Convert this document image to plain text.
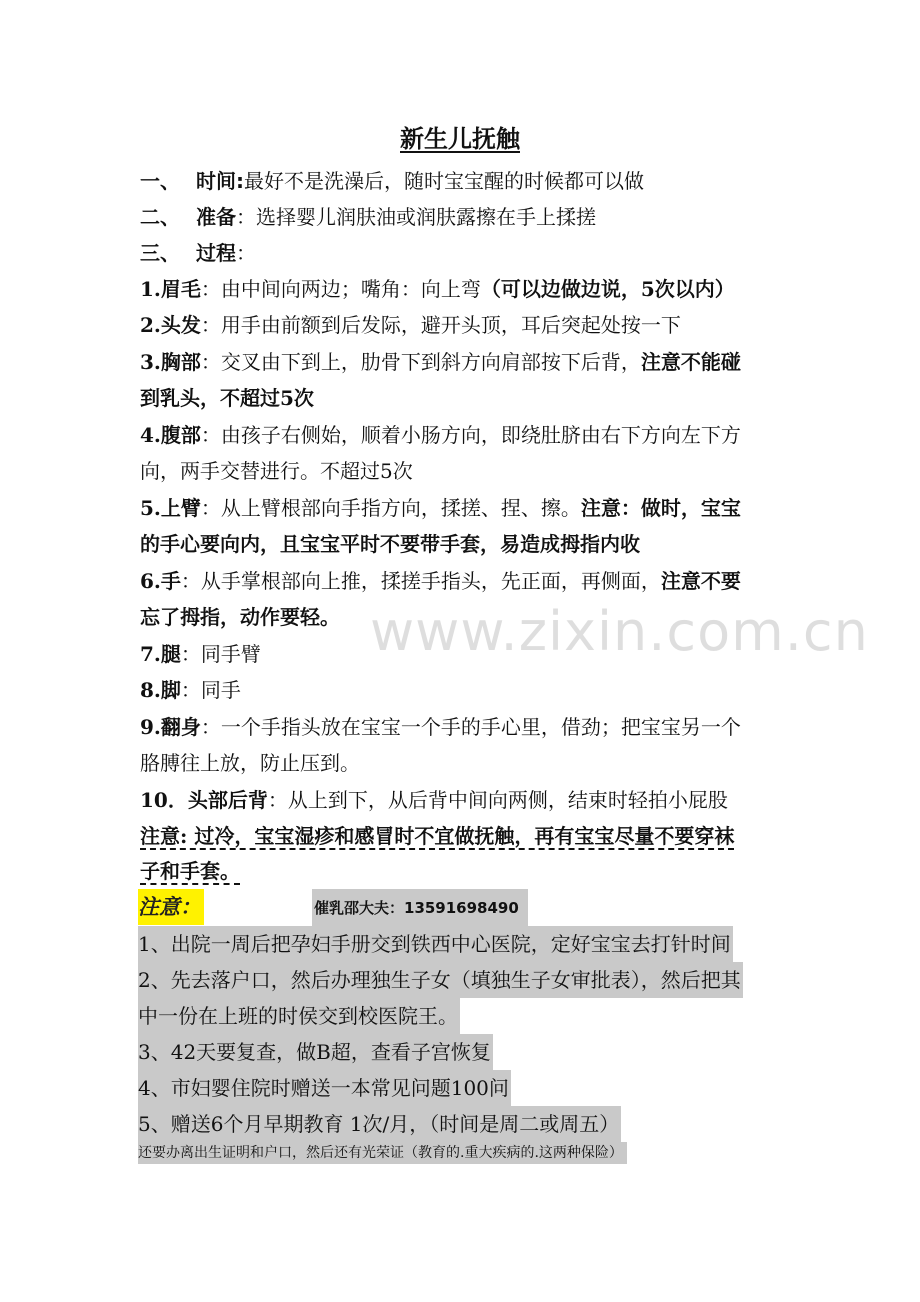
新生儿抚触
一、 时间:最好不是洗澡后，随时宝宝醒的时候都可以做
二、 准备：选择婴儿润肤油或润肤露擦在手上揉搓
三、 过程：
1.眉毛：由中间向两边；嘴角：向上弯（可以边做边说，5次以内）
2.头发：用手由前额到后发际，避开头顶，耳后突起处按一下
3.胸部：交叉由下到上，肋骨下到斜方向肩部按下后背，注意不能碰
到乳头，不超过5次
4.腹部：由孩子右侧始，顺着小肠方向，即绕肚脐由右下方向左下方
向，两手交替进行。不超过5次
5.上臂：从上臂根部向手指方向，揉搓、捏、擦。注意：做时，宝宝
的手心要向内，且宝宝平时不要带手套，易造成拇指内收
6.手：从手掌根部向上推，揉搓手指头，先正面，再侧面，注意不要
忘了拇指，动作要轻。
7.腿：同手臂
8.脚：同手
9.翻身：一个手指头放在宝宝一个手的手心里，借劲；把宝宝另一个
胳膊往上放，防止压到。
10．头部后背：从上到下，从后背中间向两侧，结束时轻拍小屁股
注意: 过冷，宝宝湿疹和感冒时不宜做抚触，再有宝宝尽量不要穿袜
子和手套。
注意：	催乳邵大夫：13591698490
1、出院一周后把孕妇手册交到铁西中心医院，定好宝宝去打针时间
2、先去落户口，然后办理独生子女（填独生子女审批表），然后把其
中一份在上班的时侯交到校医院王。
3、42天要复查，做B超，查看子宫恢复
4、市妇婴住院时赠送一本常见问题100问
5、赠送6个月早期教育 1次/月，（时间是周二或周五）
还要办离出生证明和户口，然后还有光荣证（教育的.重大疾病的.这两种保险）
www.zixin.com.cn
